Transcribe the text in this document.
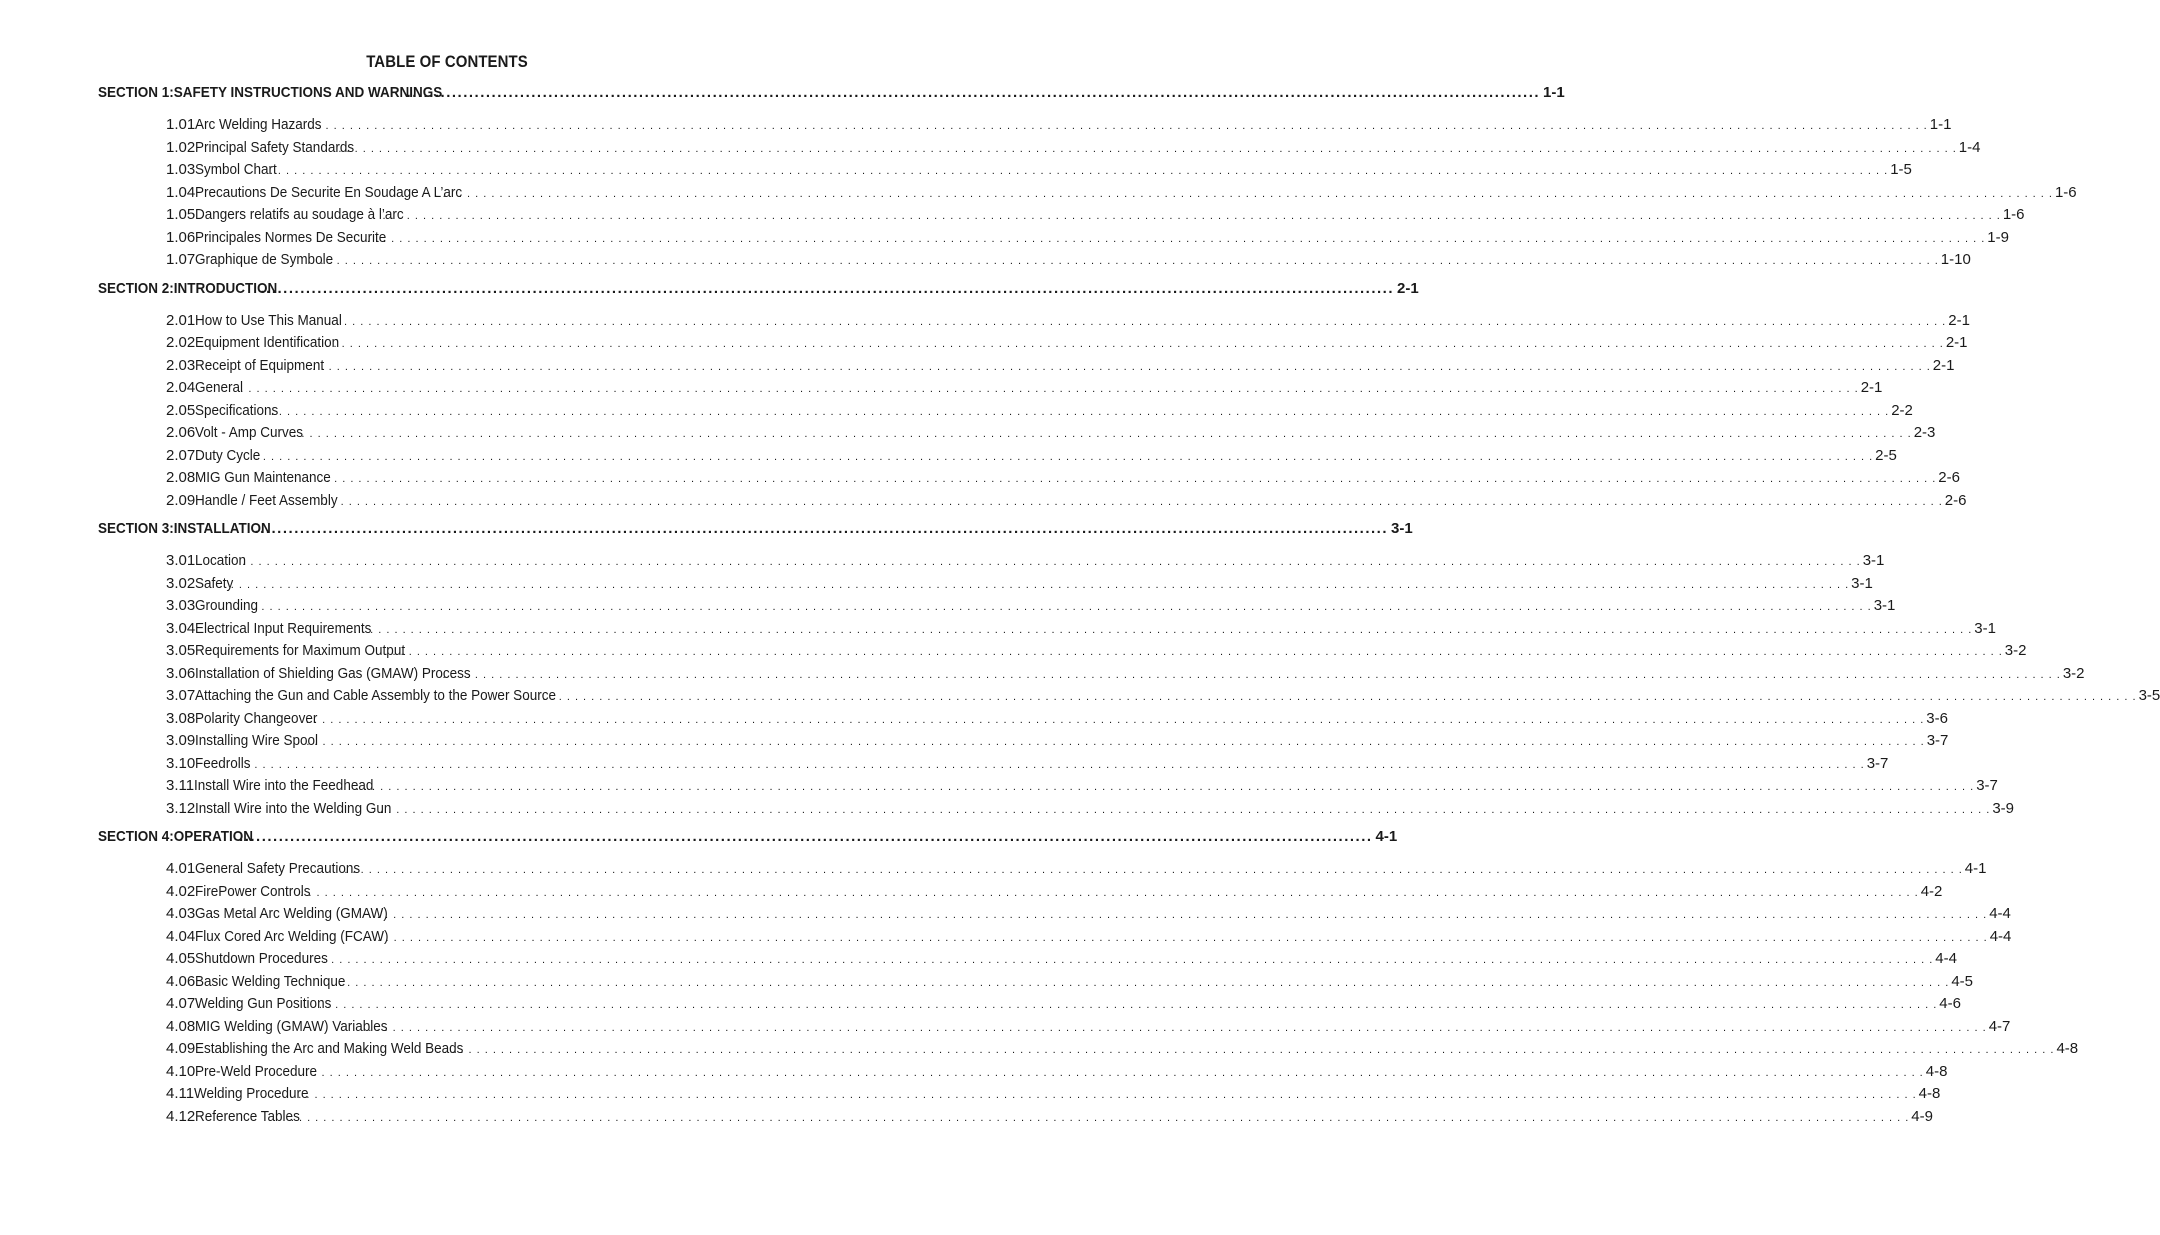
TABLE OF CONTENTS
SECTION 1:SAFETY INSTRUCTIONS AND WARNINGS
........................................................................................................................................................................................................ 1-1
1.01 Arc Welding Hazards
. . . . . . . . . . . . . . . . . . . . . . . . . . . . . . . . . . . . . . . . . . . . . . . . . . . . . . . . . . . . . . . . . . . . . . . . . . . . . . . . . . . . . . . . . . . . . . . . . . . . . . . . . . . . . . . . . . . . . . . . . . . . . . . . . . . . . . . . . . . . . . . . . . . . . . . . . . . . . . . . . . . . . . . . . . . . . . . . . . . . . . . . . . . . . . . . . . . . . . . . 1-1
1.02 Principal Safety Standards
. . . . . . . . . . . . . . . . . . . . . . . . . . . . . . . . . . . . . . . . . . . . . . . . . . . . . . . . . . . . . . . . . . . . . . . . . . . . . . . . . . . . . . . . . . . . . . . . . . . . . . . . . . . . . . . . . . . . . . . . . . . . . . . . . . . . . . . . . . . . . . . . . . . . . . . . . . . . . . . . . . . . . . . . . . . . . . . . . . . . . . . . . . . . . . . . . . . . . . . . 1-4
1.03 Symbol Chart
. . . . . . . . . . . . . . . . . . . . . . . . . . . . . . . . . . . . . . . . . . . . . . . . . . . . . . . . . . . . . . . . . . . . . . . . . . . . . . . . . . . . . . . . . . . . . . . . . . . . . . . . . . . . . . . . . . . . . . . . . . . . . . . . . . . . . . . . . . . . . . . . . . . . . . . . . . . . . . . . . . . . . . . . . . . . . . . . . . . . . . . . . . . . . . . . . . . . . . . . 1-5
1.04 Precautions De Securite En Soudage A L’arc
. . . . . . . . . . . . . . . . . . . . . . . . . . . . . . . . . . . . . . . . . . . . . . . . . . . . . . . . . . . . . . . . . . . . . . . . . . . . . . . . . . . . . . . . . . . . . . . . . . . . . . . . . . . . . . . . . . . . . . . . . . . . . . . . . . . . . . . . . . . . . . . . . . . . . . . . . . . . . . . . . . . . . . . . . . . . . . . . . . . . . . . . . . . . . . . . . . . . . . . . 1-6
1.05 Dangers relatifs au soudage à l’arc
. . . . . . . . . . . . . . . . . . . . . . . . . . . . . . . . . . . . . . . . . . . . . . . . . . . . . . . . . . . . . . . . . . . . . . . . . . . . . . . . . . . . . . . . . . . . . . . . . . . . . . . . . . . . . . . . . . . . . . . . . . . . . . . . . . . . . . . . . . . . . . . . . . . . . . . . . . . . . . . . . . . . . . . . . . . . . . . . . . . . . . . . . . . . . . . . . . . . . . . . 1-6
1.06 Principales Normes De Securite
. . . . . . . . . . . . . . . . . . . . . . . . . . . . . . . . . . . . . . . . . . . . . . . . . . . . . . . . . . . . . . . . . . . . . . . . . . . . . . . . . . . . . . . . . . . . . . . . . . . . . . . . . . . . . . . . . . . . . . . . . . . . . . . . . . . . . . . . . . . . . . . . . . . . . . . . . . . . . . . . . . . . . . . . . . . . . . . . . . . . . . . . . . . . . . . . . . . . . . . . 1-9
1.07 Graphique de Symbole
. . . . . . . . . . . . . . . . . . . . . . . . . . . . . . . . . . . . . . . . . . . . . . . . . . . . . . . . . . . . . . . . . . . . . . . . . . . . . . . . . . . . . . . . . . . . . . . . . . . . . . . . . . . . . . . . . . . . . . . . . . . . . . . . . . . . . . . . . . . . . . . . . . . . . . . . . . . . . . . . . . . . . . . . . . . . . . . . . . . . . . . . . . . . . . . . . . . . . . . . 1-10
SECTION 2:INTRODUCTION
........................................................................................................................................................................................................ 2-1
2.01 How to Use This Manual
. . . . . . . . . . . . . . . . . . . . . . . . . . . . . . . . . . . . . . . . . . . . . . . . . . . . . . . . . . . . . . . . . . . . . . . . . . . . . . . . . . . . . . . . . . . . . . . . . . . . . . . . . . . . . . . . . . . . . . . . . . . . . . . . . . . . . . . . . . . . . . . . . . . . . . . . . . . . . . . . . . . . . . . . . . . . . . . . . . . . . . . . . . . . . . . . . . . . . . . . 2-1
2.02 Equipment Identification
. . . . . . . . . . . . . . . . . . . . . . . . . . . . . . . . . . . . . . . . . . . . . . . . . . . . . . . . . . . . . . . . . . . . . . . . . . . . . . . . . . . . . . . . . . . . . . . . . . . . . . . . . . . . . . . . . . . . . . . . . . . . . . . . . . . . . . . . . . . . . . . . . . . . . . . . . . . . . . . . . . . . . . . . . . . . . . . . . . . . . . . . . . . . . . . . . . . . . . . . 2-1
2.03 Receipt of Equipment
. . . . . . . . . . . . . . . . . . . . . . . . . . . . . . . . . . . . . . . . . . . . . . . . . . . . . . . . . . . . . . . . . . . . . . . . . . . . . . . . . . . . . . . . . . . . . . . . . . . . . . . . . . . . . . . . . . . . . . . . . . . . . . . . . . . . . . . . . . . . . . . . . . . . . . . . . . . . . . . . . . . . . . . . . . . . . . . . . . . . . . . . . . . . . . . . . . . . . . . . 2-1
2.04 General
. . . . . . . . . . . . . . . . . . . . . . . . . . . . . . . . . . . . . . . . . . . . . . . . . . . . . . . . . . . . . . . . . . . . . . . . . . . . . . . . . . . . . . . . . . . . . . . . . . . . . . . . . . . . . . . . . . . . . . . . . . . . . . . . . . . . . . . . . . . . . . . . . . . . . . . . . . . . . . . . . . . . . . . . . . . . . . . . . . . . . . . . . . . . . . . . . . . . . . . . 2-1
2.05 Specifications
. . . . . . . . . . . . . . . . . . . . . . . . . . . . . . . . . . . . . . . . . . . . . . . . . . . . . . . . . . . . . . . . . . . . . . . . . . . . . . . . . . . . . . . . . . . . . . . . . . . . . . . . . . . . . . . . . . . . . . . . . . . . . . . . . . . . . . . . . . . . . . . . . . . . . . . . . . . . . . . . . . . . . . . . . . . . . . . . . . . . . . . . . . . . . . . . . . . . . . . . 2-2
2.06 Volt - Amp Curves
. . . . . . . . . . . . . . . . . . . . . . . . . . . . . . . . . . . . . . . . . . . . . . . . . . . . . . . . . . . . . . . . . . . . . . . . . . . . . . . . . . . . . . . . . . . . . . . . . . . . . . . . . . . . . . . . . . . . . . . . . . . . . . . . . . . . . . . . . . . . . . . . . . . . . . . . . . . . . . . . . . . . . . . . . . . . . . . . . . . . . . . . . . . . . . . . . . . . . . . . 2-3
2.07 Duty Cycle
. . . . . . . . . . . . . . . . . . . . . . . . . . . . . . . . . . . . . . . . . . . . . . . . . . . . . . . . . . . . . . . . . . . . . . . . . . . . . . . . . . . . . . . . . . . . . . . . . . . . . . . . . . . . . . . . . . . . . . . . . . . . . . . . . . . . . . . . . . . . . . . . . . . . . . . . . . . . . . . . . . . . . . . . . . . . . . . . . . . . . . . . . . . . . . . . . . . . . . . . 2-5
2.08 MIG Gun Maintenance
. . . . . . . . . . . . . . . . . . . . . . . . . . . . . . . . . . . . . . . . . . . . . . . . . . . . . . . . . . . . . . . . . . . . . . . . . . . . . . . . . . . . . . . . . . . . . . . . . . . . . . . . . . . . . . . . . . . . . . . . . . . . . . . . . . . . . . . . . . . . . . . . . . . . . . . . . . . . . . . . . . . . . . . . . . . . . . . . . . . . . . . . . . . . . . . . . . . . . . . . 2-6
2.09 Handle / Feet Assembly
. . . . . . . . . . . . . . . . . . . . . . . . . . . . . . . . . . . . . . . . . . . . . . . . . . . . . . . . . . . . . . . . . . . . . . . . . . . . . . . . . . . . . . . . . . . . . . . . . . . . . . . . . . . . . . . . . . . . . . . . . . . . . . . . . . . . . . . . . . . . . . . . . . . . . . . . . . . . . . . . . . . . . . . . . . . . . . . . . . . . . . . . . . . . . . . . . . . . . . . . 2-6
SECTION 3:INSTALLATION
........................................................................................................................................................................................................ 3-1
3.01 Location
. . . . . . . . . . . . . . . . . . . . . . . . . . . . . . . . . . . . . . . . . . . . . . . . . . . . . . . . . . . . . . . . . . . . . . . . . . . . . . . . . . . . . . . . . . . . . . . . . . . . . . . . . . . . . . . . . . . . . . . . . . . . . . . . . . . . . . . . . . . . . . . . . . . . . . . . . . . . . . . . . . . . . . . . . . . . . . . . . . . . . . . . . . . . . . . . . . . . . . . . 3-1
3.02 Safety
. . . . . . . . . . . . . . . . . . . . . . . . . . . . . . . . . . . . . . . . . . . . . . . . . . . . . . . . . . . . . . . . . . . . . . . . . . . . . . . . . . . . . . . . . . . . . . . . . . . . . . . . . . . . . . . . . . . . . . . . . . . . . . . . . . . . . . . . . . . . . . . . . . . . . . . . . . . . . . . . . . . . . . . . . . . . . . . . . . . . . . . . . . . . . . . . . . . . . . . . 3-1
3.03 Grounding
. . . . . . . . . . . . . . . . . . . . . . . . . . . . . . . . . . . . . . . . . . . . . . . . . . . . . . . . . . . . . . . . . . . . . . . . . . . . . . . . . . . . . . . . . . . . . . . . . . . . . . . . . . . . . . . . . . . . . . . . . . . . . . . . . . . . . . . . . . . . . . . . . . . . . . . . . . . . . . . . . . . . . . . . . . . . . . . . . . . . . . . . . . . . . . . . . . . . . . . . 3-1
3.04 Electrical Input Requirements
. . . . . . . . . . . . . . . . . . . . . . . . . . . . . . . . . . . . . . . . . . . . . . . . . . . . . . . . . . . . . . . . . . . . . . . . . . . . . . . . . . . . . . . . . . . . . . . . . . . . . . . . . . . . . . . . . . . . . . . . . . . . . . . . . . . . . . . . . . . . . . . . . . . . . . . . . . . . . . . . . . . . . . . . . . . . . . . . . . . . . . . . . . . . . . . . . . . . . . . . 3-1
3.05 Requirements for Maximum Output
. . . . . . . . . . . . . . . . . . . . . . . . . . . . . . . . . . . . . . . . . . . . . . . . . . . . . . . . . . . . . . . . . . . . . . . . . . . . . . . . . . . . . . . . . . . . . . . . . . . . . . . . . . . . . . . . . . . . . . . . . . . . . . . . . . . . . . . . . . . . . . . . . . . . . . . . . . . . . . . . . . . . . . . . . . . . . . . . . . . . . . . . . . . . . . . . . . . . . . . . 3-2
3.06 Installation of Shielding Gas (GMAW) Process
. . . . . . . . . . . . . . . . . . . . . . . . . . . . . . . . . . . . . . . . . . . . . . . . . . . . . . . . . . . . . . . . . . . . . . . . . . . . . . . . . . . . . . . . . . . . . . . . . . . . . . . . . . . . . . . . . . . . . . . . . . . . . . . . . . . . . . . . . . . . . . . . . . . . . . . . . . . . . . . . . . . . . . . . . . . . . . . . . . . . . . . . . . . . . . . . . . . . . . . . 3-2
3.07 Attaching the Gun and Cable Assembly to the Power Source
. . . . . . . . . . . . . . . . . . . . . . . . . . . . . . . . . . . . . . . . . . . . . . . . . . . . . . . . . . . . . . . . . . . . . . . . . . . . . . . . . . . . . . . . . . . . . . . . . . . . . . . . . . . . . . . . . . . . . . . . . . . . . . . . . . . . . . . . . . . . . . . . . . . . . . . . . . . . . . . . . . . . . . . . . . . . . . . . . . . . . . . . . . . . . . . . . . . . . . . . 3-5
3.08 Polarity Changeover
. . . . . . . . . . . . . . . . . . . . . . . . . . . . . . . . . . . . . . . . . . . . . . . . . . . . . . . . . . . . . . . . . . . . . . . . . . . . . . . . . . . . . . . . . . . . . . . . . . . . . . . . . . . . . . . . . . . . . . . . . . . . . . . . . . . . . . . . . . . . . . . . . . . . . . . . . . . . . . . . . . . . . . . . . . . . . . . . . . . . . . . . . . . . . . . . . . . . . . . . 3-6
3.09 Installing Wire Spool
. . . . . . . . . . . . . . . . . . . . . . . . . . . . . . . . . . . . . . . . . . . . . . . . . . . . . . . . . . . . . . . . . . . . . . . . . . . . . . . . . . . . . . . . . . . . . . . . . . . . . . . . . . . . . . . . . . . . . . . . . . . . . . . . . . . . . . . . . . . . . . . . . . . . . . . . . . . . . . . . . . . . . . . . . . . . . . . . . . . . . . . . . . . . . . . . . . . . . . . . 3-7
3.10 Feedrolls
. . . . . . . . . . . . . . . . . . . . . . . . . . . . . . . . . . . . . . . . . . . . . . . . . . . . . . . . . . . . . . . . . . . . . . . . . . . . . . . . . . . . . . . . . . . . . . . . . . . . . . . . . . . . . . . . . . . . . . . . . . . . . . . . . . . . . . . . . . . . . . . . . . . . . . . . . . . . . . . . . . . . . . . . . . . . . . . . . . . . . . . . . . . . . . . . . . . . . . . . 3-7
3.11 Install Wire into the Feedhead
. . . . . . . . . . . . . . . . . . . . . . . . . . . . . . . . . . . . . . . . . . . . . . . . . . . . . . . . . . . . . . . . . . . . . . . . . . . . . . . . . . . . . . . . . . . . . . . . . . . . . . . . . . . . . . . . . . . . . . . . . . . . . . . . . . . . . . . . . . . . . . . . . . . . . . . . . . . . . . . . . . . . . . . . . . . . . . . . . . . . . . . . . . . . . . . . . . . . . . . . 3-7
3.12 Install Wire into the Welding Gun
. . . . . . . . . . . . . . . . . . . . . . . . . . . . . . . . . . . . . . . . . . . . . . . . . . . . . . . . . . . . . . . . . . . . . . . . . . . . . . . . . . . . . . . . . . . . . . . . . . . . . . . . . . . . . . . . . . . . . . . . . . . . . . . . . . . . . . . . . . . . . . . . . . . . . . . . . . . . . . . . . . . . . . . . . . . . . . . . . . . . . . . . . . . . . . . . . . . . . . . . 3-9
SECTION 4:OPERATION
........................................................................................................................................................................................................ 4-1
4.01 General Safety Precautions
. . . . . . . . . . . . . . . . . . . . . . . . . . . . . . . . . . . . . . . . . . . . . . . . . . . . . . . . . . . . . . . . . . . . . . . . . . . . . . . . . . . . . . . . . . . . . . . . . . . . . . . . . . . . . . . . . . . . . . . . . . . . . . . . . . . . . . . . . . . . . . . . . . . . . . . . . . . . . . . . . . . . . . . . . . . . . . . . . . . . . . . . . . . . . . . . . . . . . . . . 4-1
4.02 FirePower Controls
. . . . . . . . . . . . . . . . . . . . . . . . . . . . . . . . . . . . . . . . . . . . . . . . . . . . . . . . . . . . . . . . . . . . . . . . . . . . . . . . . . . . . . . . . . . . . . . . . . . . . . . . . . . . . . . . . . . . . . . . . . . . . . . . . . . . . . . . . . . . . . . . . . . . . . . . . . . . . . . . . . . . . . . . . . . . . . . . . . . . . . . . . . . . . . . . . . . . . . . . 4-2
4.03 Gas Metal Arc Welding (GMAW)
. . . . . . . . . . . . . . . . . . . . . . . . . . . . . . . . . . . . . . . . . . . . . . . . . . . . . . . . . . . . . . . . . . . . . . . . . . . . . . . . . . . . . . . . . . . . . . . . . . . . . . . . . . . . . . . . . . . . . . . . . . . . . . . . . . . . . . . . . . . . . . . . . . . . . . . . . . . . . . . . . . . . . . . . . . . . . . . . . . . . . . . . . . . . . . . . . . . . . . . . 4-4
4.04 Flux Cored Arc Welding (FCAW)
. . . . . . . . . . . . . . . . . . . . . . . . . . . . . . . . . . . . . . . . . . . . . . . . . . . . . . . . . . . . . . . . . . . . . . . . . . . . . . . . . . . . . . . . . . . . . . . . . . . . . . . . . . . . . . . . . . . . . . . . . . . . . . . . . . . . . . . . . . . . . . . . . . . . . . . . . . . . . . . . . . . . . . . . . . . . . . . . . . . . . . . . . . . . . . . . . . . . . . . . 4-4
4.05 Shutdown Procedures
. . . . . . . . . . . . . . . . . . . . . . . . . . . . . . . . . . . . . . . . . . . . . . . . . . . . . . . . . . . . . . . . . . . . . . . . . . . . . . . . . . . . . . . . . . . . . . . . . . . . . . . . . . . . . . . . . . . . . . . . . . . . . . . . . . . . . . . . . . . . . . . . . . . . . . . . . . . . . . . . . . . . . . . . . . . . . . . . . . . . . . . . . . . . . . . . . . . . . . . . 4-4
4.06 Basic Welding Technique
. . . . . . . . . . . . . . . . . . . . . . . . . . . . . . . . . . . . . . . . . . . . . . . . . . . . . . . . . . . . . . . . . . . . . . . . . . . . . . . . . . . . . . . . . . . . . . . . . . . . . . . . . . . . . . . . . . . . . . . . . . . . . . . . . . . . . . . . . . . . . . . . . . . . . . . . . . . . . . . . . . . . . . . . . . . . . . . . . . . . . . . . . . . . . . . . . . . . . . . . 4-5
4.07 Welding Gun Positions
. . . . . . . . . . . . . . . . . . . . . . . . . . . . . . . . . . . . . . . . . . . . . . . . . . . . . . . . . . . . . . . . . . . . . . . . . . . . . . . . . . . . . . . . . . . . . . . . . . . . . . . . . . . . . . . . . . . . . . . . . . . . . . . . . . . . . . . . . . . . . . . . . . . . . . . . . . . . . . . . . . . . . . . . . . . . . . . . . . . . . . . . . . . . . . . . . . . . . . . . 4-6
4.08 MIG Welding (GMAW) Variables
. . . . . . . . . . . . . . . . . . . . . . . . . . . . . . . . . . . . . . . . . . . . . . . . . . . . . . . . . . . . . . . . . . . . . . . . . . . . . . . . . . . . . . . . . . . . . . . . . . . . . . . . . . . . . . . . . . . . . . . . . . . . . . . . . . . . . . . . . . . . . . . . . . . . . . . . . . . . . . . . . . . . . . . . . . . . . . . . . . . . . . . . . . . . . . . . . . . . . . . . 4-7
4.09 Establishing the Arc and Making Weld Beads
. . . . . . . . . . . . . . . . . . . . . . . . . . . . . . . . . . . . . . . . . . . . . . . . . . . . . . . . . . . . . . . . . . . . . . . . . . . . . . . . . . . . . . . . . . . . . . . . . . . . . . . . . . . . . . . . . . . . . . . . . . . . . . . . . . . . . . . . . . . . . . . . . . . . . . . . . . . . . . . . . . . . . . . . . . . . . . . . . . . . . . . . . . . . . . . . . . . . . . . . 4-8
4.10 Pre-Weld Procedure
. . . . . . . . . . . . . . . . . . . . . . . . . . . . . . . . . . . . . . . . . . . . . . . . . . . . . . . . . . . . . . . . . . . . . . . . . . . . . . . . . . . . . . . . . . . . . . . . . . . . . . . . . . . . . . . . . . . . . . . . . . . . . . . . . . . . . . . . . . . . . . . . . . . . . . . . . . . . . . . . . . . . . . . . . . . . . . . . . . . . . . . . . . . . . . . . . . . . . . . . 4-8
4.11 Welding Procedure
. . . . . . . . . . . . . . . . . . . . . . . . . . . . . . . . . . . . . . . . . . . . . . . . . . . . . . . . . . . . . . . . . . . . . . . . . . . . . . . . . . . . . . . . . . . . . . . . . . . . . . . . . . . . . . . . . . . . . . . . . . . . . . . . . . . . . . . . . . . . . . . . . . . . . . . . . . . . . . . . . . . . . . . . . . . . . . . . . . . . . . . . . . . . . . . . . . . . . . . . 4-8
4.12 Reference Tables
. . . . . . . . . . . . . . . . . . . . . . . . . . . . . . . . . . . . . . . . . . . . . . . . . . . . . . . . . . . . . . . . . . . . . . . . . . . . . . . . . . . . . . . . . . . . . . . . . . . . . . . . . . . . . . . . . . . . . . . . . . . . . . . . . . . . . . . . . . . . . . . . . . . . . . . . . . . . . . . . . . . . . . . . . . . . . . . . . . . . . . . . . . . . . . . . . . . . . . . . 4-9
